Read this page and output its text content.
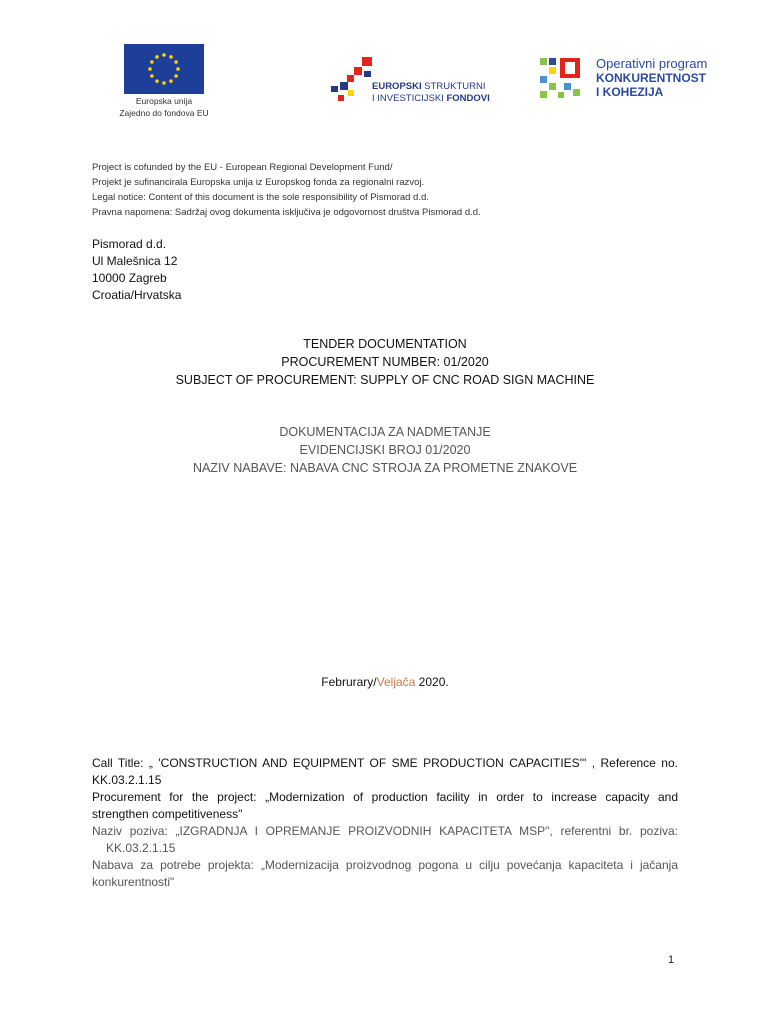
Europska unija
Zajedno do fondova EU
EUROPSKI STRUKTURNI
I INVESTICIJSKI FONDOVI
Operativni program
KONKURENTNOST
I KOHEZIJA
Project is cofunded by the EU - European Regional Development Fund/
Projekt je sufinancirala Europska unija iz Europskog fonda za regionalni razvoj.
Legal notice: Content of this document is the sole responsibility of Pismorad d.d.
Pravna napomena: Sadržaj ovog dokumenta isključiva je odgovornost društva Pismorad d.d.
Pismorad d.d.
Ul Malešnica 12
10000 Zagreb
Croatia/Hrvatska
TENDER DOCUMENTATION
PROCUREMENT NUMBER: 01/2020
SUBJECT OF PROCUREMENT: SUPPLY OF CNC ROAD SIGN MACHINE
DOKUMENTACIJA ZA NADMETANJE
EVIDENCIJSKI BROJ 01/2020
NAZIV NABAVE: NABAVA CNC STROJA ZA PROMETNE ZNAKOVE
Februrary/Veljača 2020.
Call Title: „ 'CONSTRUCTION AND EQUIPMENT OF SME PRODUCTION CAPACITIES'" , Reference no.
KK.03.2.1.15
Procurement for the project: „Modernization of production facility in order to increase capacity and
strengthen competitiveness"
Naziv poziva: „IZGRADNJA I OPREMANJE PROIZVODNIH KAPACITETA MSP", referentni br. poziva:
KK.03.2.1.15
Nabava za potrebe projekta: „Modernizacija proizvodnog pogona u cilju povećanja kapaciteta i jačanja
konkurentnosti"
1
